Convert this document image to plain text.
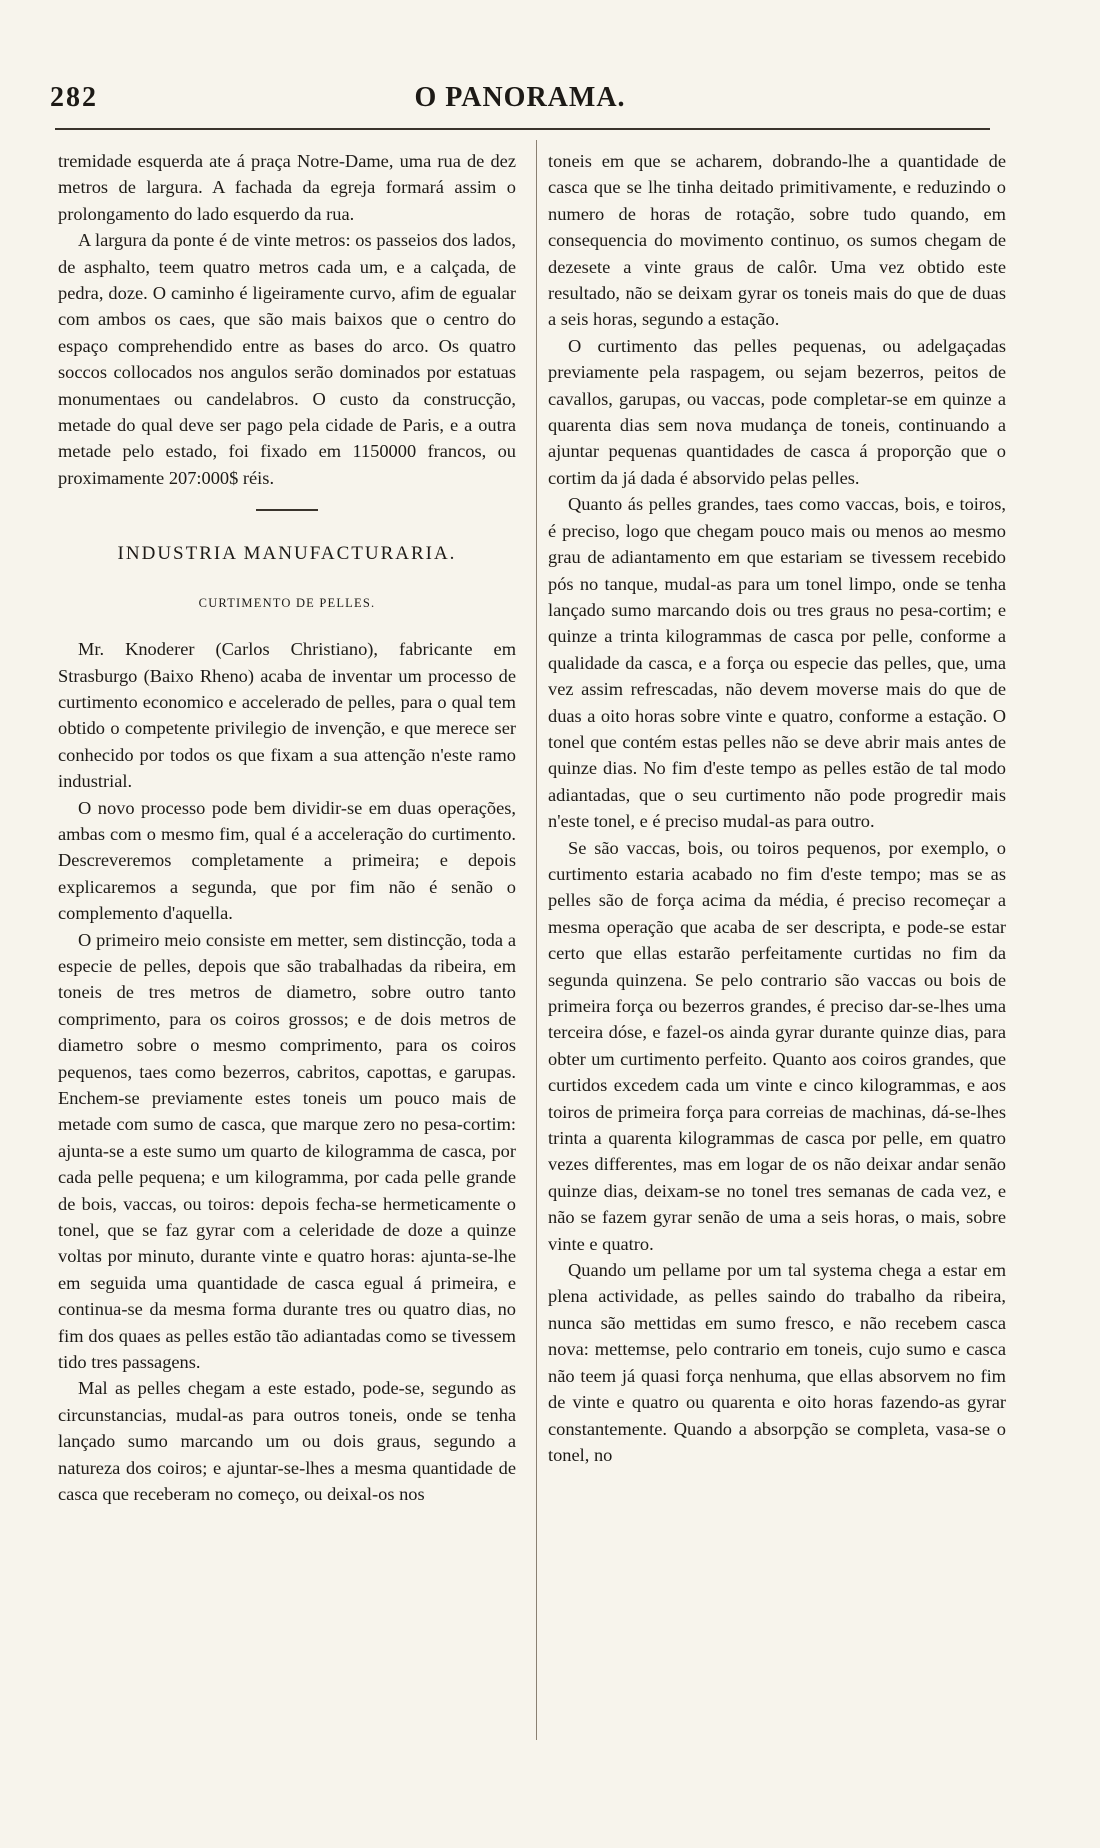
282	O PANORAMA.

tremidade esquerda ate á praça Notre-Dame, uma rua de dez metros de largura. A fachada da egreja formará assim o prolongamento do lado esquerdo da rua.

A largura da ponte é de vinte metros: os passeios dos lados, de asphalto, teem quatro metros cada um, e a calçada, de pedra, doze. O caminho é ligeiramente curvo, afim de egualar com ambos os caes, que são mais baixos que o centro do espaço comprehendido entre as bases do arco. Os quatro soccos collocados nos angulos serão dominados por estatuas monumentaes ou candelabros. O custo da construcção, metade do qual deve ser pago pela cidade de Paris, e a outra metade pelo estado, foi fixado em 1150000 francos, ou proximamente 207:000$ réis.

INDUSTRIA MANUFACTURARIA.
CURTIMENTO DE PELLES.

Mr. Knoderer (Carlos Christiano), fabricante em Strasburgo (Baixo Rheno) acaba de inventar um processo de curtimento economico e accelerado de pelles, para o qual tem obtido o competente privilegio de invenção, e que merece ser conhecido por todos os que fixam a sua attenção n'este ramo industrial.

O novo processo pode bem dividir-se em duas operações, ambas com o mesmo fim, qual é a acceleração do curtimento. Descreveremos completamente a primeira; e depois explicaremos a segunda, que por fim não é senão o complemento d'aquella.

O primeiro meio consiste em metter, sem distincção, toda a especie de pelles, depois que são trabalhadas da ribeira, em toneis de tres metros de diametro, sobre outro tanto comprimento, para os coiros grossos; e de dois metros de diametro sobre o mesmo comprimento, para os coiros pequenos, taes como bezerros, cabritos, capottas, e garupas. Enchem-se previamente estes toneis um pouco mais de metade com sumo de casca, que marque zero no pesa-cortim: ajunta-se a este sumo um quarto de kilogramma de casca, por cada pelle pequena; e um kilogramma, por cada pelle grande de bois, vaccas, ou toiros: depois fecha-se hermeticamente o tonel, que se faz gyrar com a celeridade de doze a quinze voltas por minuto, durante vinte e quatro horas: ajunta-se-lhe em seguida uma quantidade de casca egual á primeira, e continua-se da mesma forma durante tres ou quatro dias, no fim dos quaes as pelles estão tão adiantadas como se tivessem tido tres passagens.

Mal as pelles chegam a este estado, pode-se, segundo as circunstancias, mudal-as para outros toneis, onde se tenha lançado sumo marcando um ou dois graus, segundo a natureza dos coiros; e ajuntar-se-lhes a mesma quantidade de casca que receberam no começo, ou deixal-os nos

toneis em que se acharem, dobrando-lhe a quantidade de casca que se lhe tinha deitado primitivamente, e reduzindo o numero de horas de rotação, sobre tudo quando, em consequencia do movimento continuo, os sumos chegam de dezesete a vinte graus de calôr. Uma vez obtido este resultado, não se deixam gyrar os toneis mais do que de duas a seis horas, segundo a estação.

O curtimento das pelles pequenas, ou adelgaçadas previamente pela raspagem, ou sejam bezerros, peitos de cavallos, garupas, ou vaccas, pode completar-se em quinze a quarenta dias sem nova mudança de toneis, continuando a ajuntar pequenas quantidades de casca á proporção que o cortim da já dada é absorvido pelas pelles.

Quanto ás pelles grandes, taes como vaccas, bois, e toiros, é preciso, logo que chegam pouco mais ou menos ao mesmo grau de adiantamento em que estariam se tivessem recebido pós no tanque, mudal-as para um tonel limpo, onde se tenha lançado sumo marcando dois ou tres graus no pesa-cortim; e quinze a trinta kilogrammas de casca por pelle, conforme a qualidade da casca, e a força ou especie das pelles, que, uma vez assim refrescadas, não devem moverse mais do que de duas a oito horas sobre vinte e quatro, conforme a estação. O tonel que contém estas pelles não se deve abrir mais antes de quinze dias. No fim d'este tempo as pelles estão de tal modo adiantadas, que o seu curtimento não pode progredir mais n'este tonel, e é preciso mudal-as para outro.

Se são vaccas, bois, ou toiros pequenos, por exemplo, o curtimento estaria acabado no fim d'este tempo; mas se as pelles são de força acima da média, é preciso recomeçar a mesma operação que acaba de ser descripta, e pode-se estar certo que ellas estarão perfeitamente curtidas no fim da segunda quinzena. Se pelo contrario são vaccas ou bois de primeira força ou bezerros grandes, é preciso dar-se-lhes uma terceira dóse, e fazel-os ainda gyrar durante quinze dias, para obter um curtimento perfeito. Quanto aos coiros grandes, que curtidos excedem cada um vinte e cinco kilogrammas, e aos toiros de primeira força para correias de machinas, dá-se-lhes trinta a quarenta kilogrammas de casca por pelle, em quatro vezes differentes, mas em logar de os não deixar andar senão quinze dias, deixam-se no tonel tres semanas de cada vez, e não se fazem gyrar senão de uma a seis horas, o mais, sobre vinte e quatro.

Quando um pellame por um tal systema chega a estar em plena actividade, as pelles saindo do trabalho da ribeira, nunca são mettidas em sumo fresco, e não recebem casca nova: mettemse, pelo contrario em toneis, cujo sumo e casca não teem já quasi força nenhuma, que ellas absorvem no fim de vinte e quatro ou quarenta e oito horas fazendo-as gyrar constantemente. Quando a absorpção se completa, vasa-se o tonel, no
